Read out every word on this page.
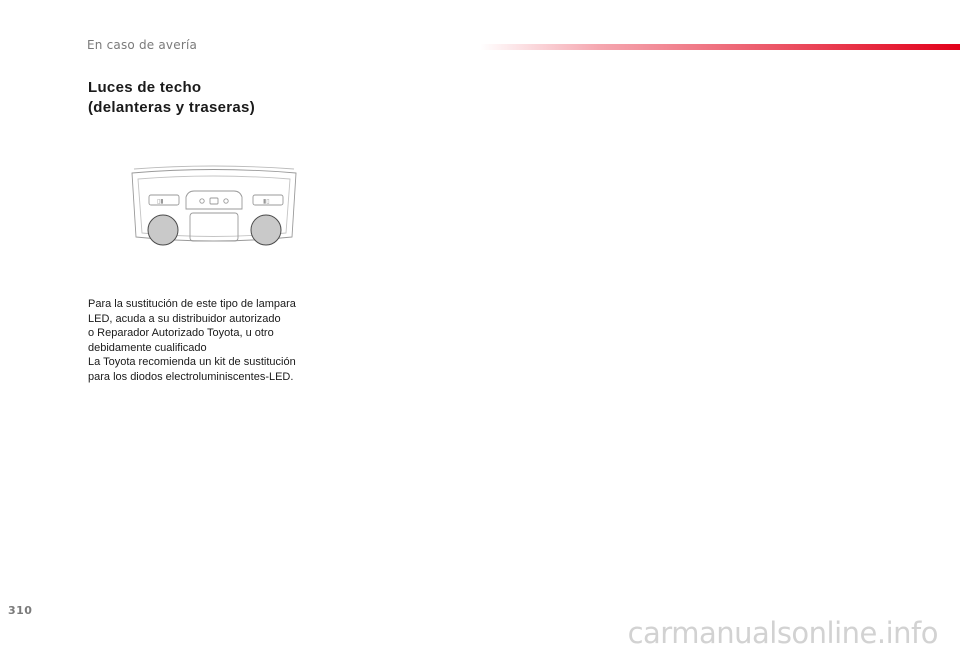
En caso de avería
Luces de techo
(delanteras y traseras)
▯▮	▮▯
Para la sustitución de este tipo de lampara
LED, acuda a su distribuidor autorizado
o Reparador Autorizado Toyota, u otro
debidamente cualificado
La Toyota recomienda un kit de sustitución
para los diodos electroluminiscentes-LED.
310
carmanualsonline.info
